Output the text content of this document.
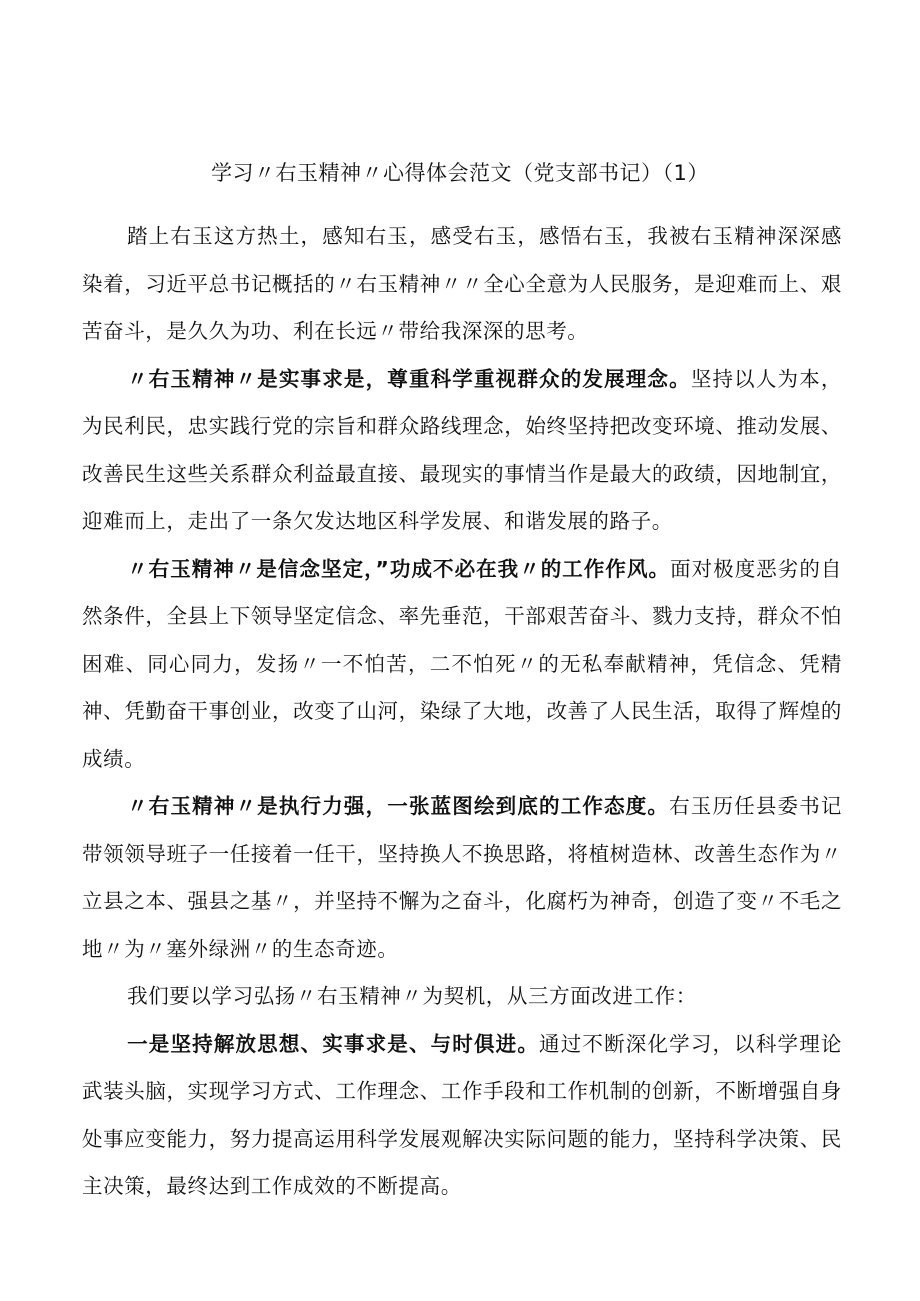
学习〃右玉精神〃心得体会范文（党支部书记）（1）

踏上右玉这方热土，感知右玉，感受右玉，感悟右玉，我被右玉精神深深感染着，习近平总书记概括的〃右玉精神〃〃全心全意为人民服务，是迎难而上、艰苦奋斗，是久久为功、利在长远〃带给我深深的思考。

〃右玉精神〃是实事求是，尊重科学重视群众的发展理念。坚持以人为本，为民利民，忠实践行党的宗旨和群众路线理念，始终坚持把改变环境、推动发展、改善民生这些关系群众利益最直接、最现实的事情当作是最大的政绩，因地制宜，迎难而上，走出了一条欠发达地区科学发展、和谐发展的路子。

〃右玉精神〃是信念坚定，”功成不必在我〃的工作作风。面对极度恶劣的自然条件，全县上下领导坚定信念、率先垂范，干部艰苦奋斗、戮力支持，群众不怕困难、同心同力，发扬〃一不怕苦，二不怕死〃的无私奉献精神，凭信念、凭精神、凭勤奋干事创业，改变了山河，染绿了大地，改善了人民生活，取得了辉煌的成绩。

〃右玉精神〃是执行力强，一张蓝图绘到底的工作态度。右玉历任县委书记带领领导班子一任接着一任干，坚持换人不换思路，将植树造林、改善生态作为〃立县之本、强县之基〃，并坚持不懈为之奋斗，化腐朽为神奇，创造了变〃不毛之地〃为〃塞外绿洲〃的生态奇迹。

我们要以学习弘扬〃右玉精神〃为契机，从三方面改进工作：

一是坚持解放思想、实事求是、与时俱进。通过不断深化学习，以科学理论武装头脑，实现学习方式、工作理念、工作手段和工作机制的创新，不断增强自身处事应变能力，努力提高运用科学发展观解决实际问题的能力，坚持科学决策、民主决策，最终达到工作成效的不断提高。
